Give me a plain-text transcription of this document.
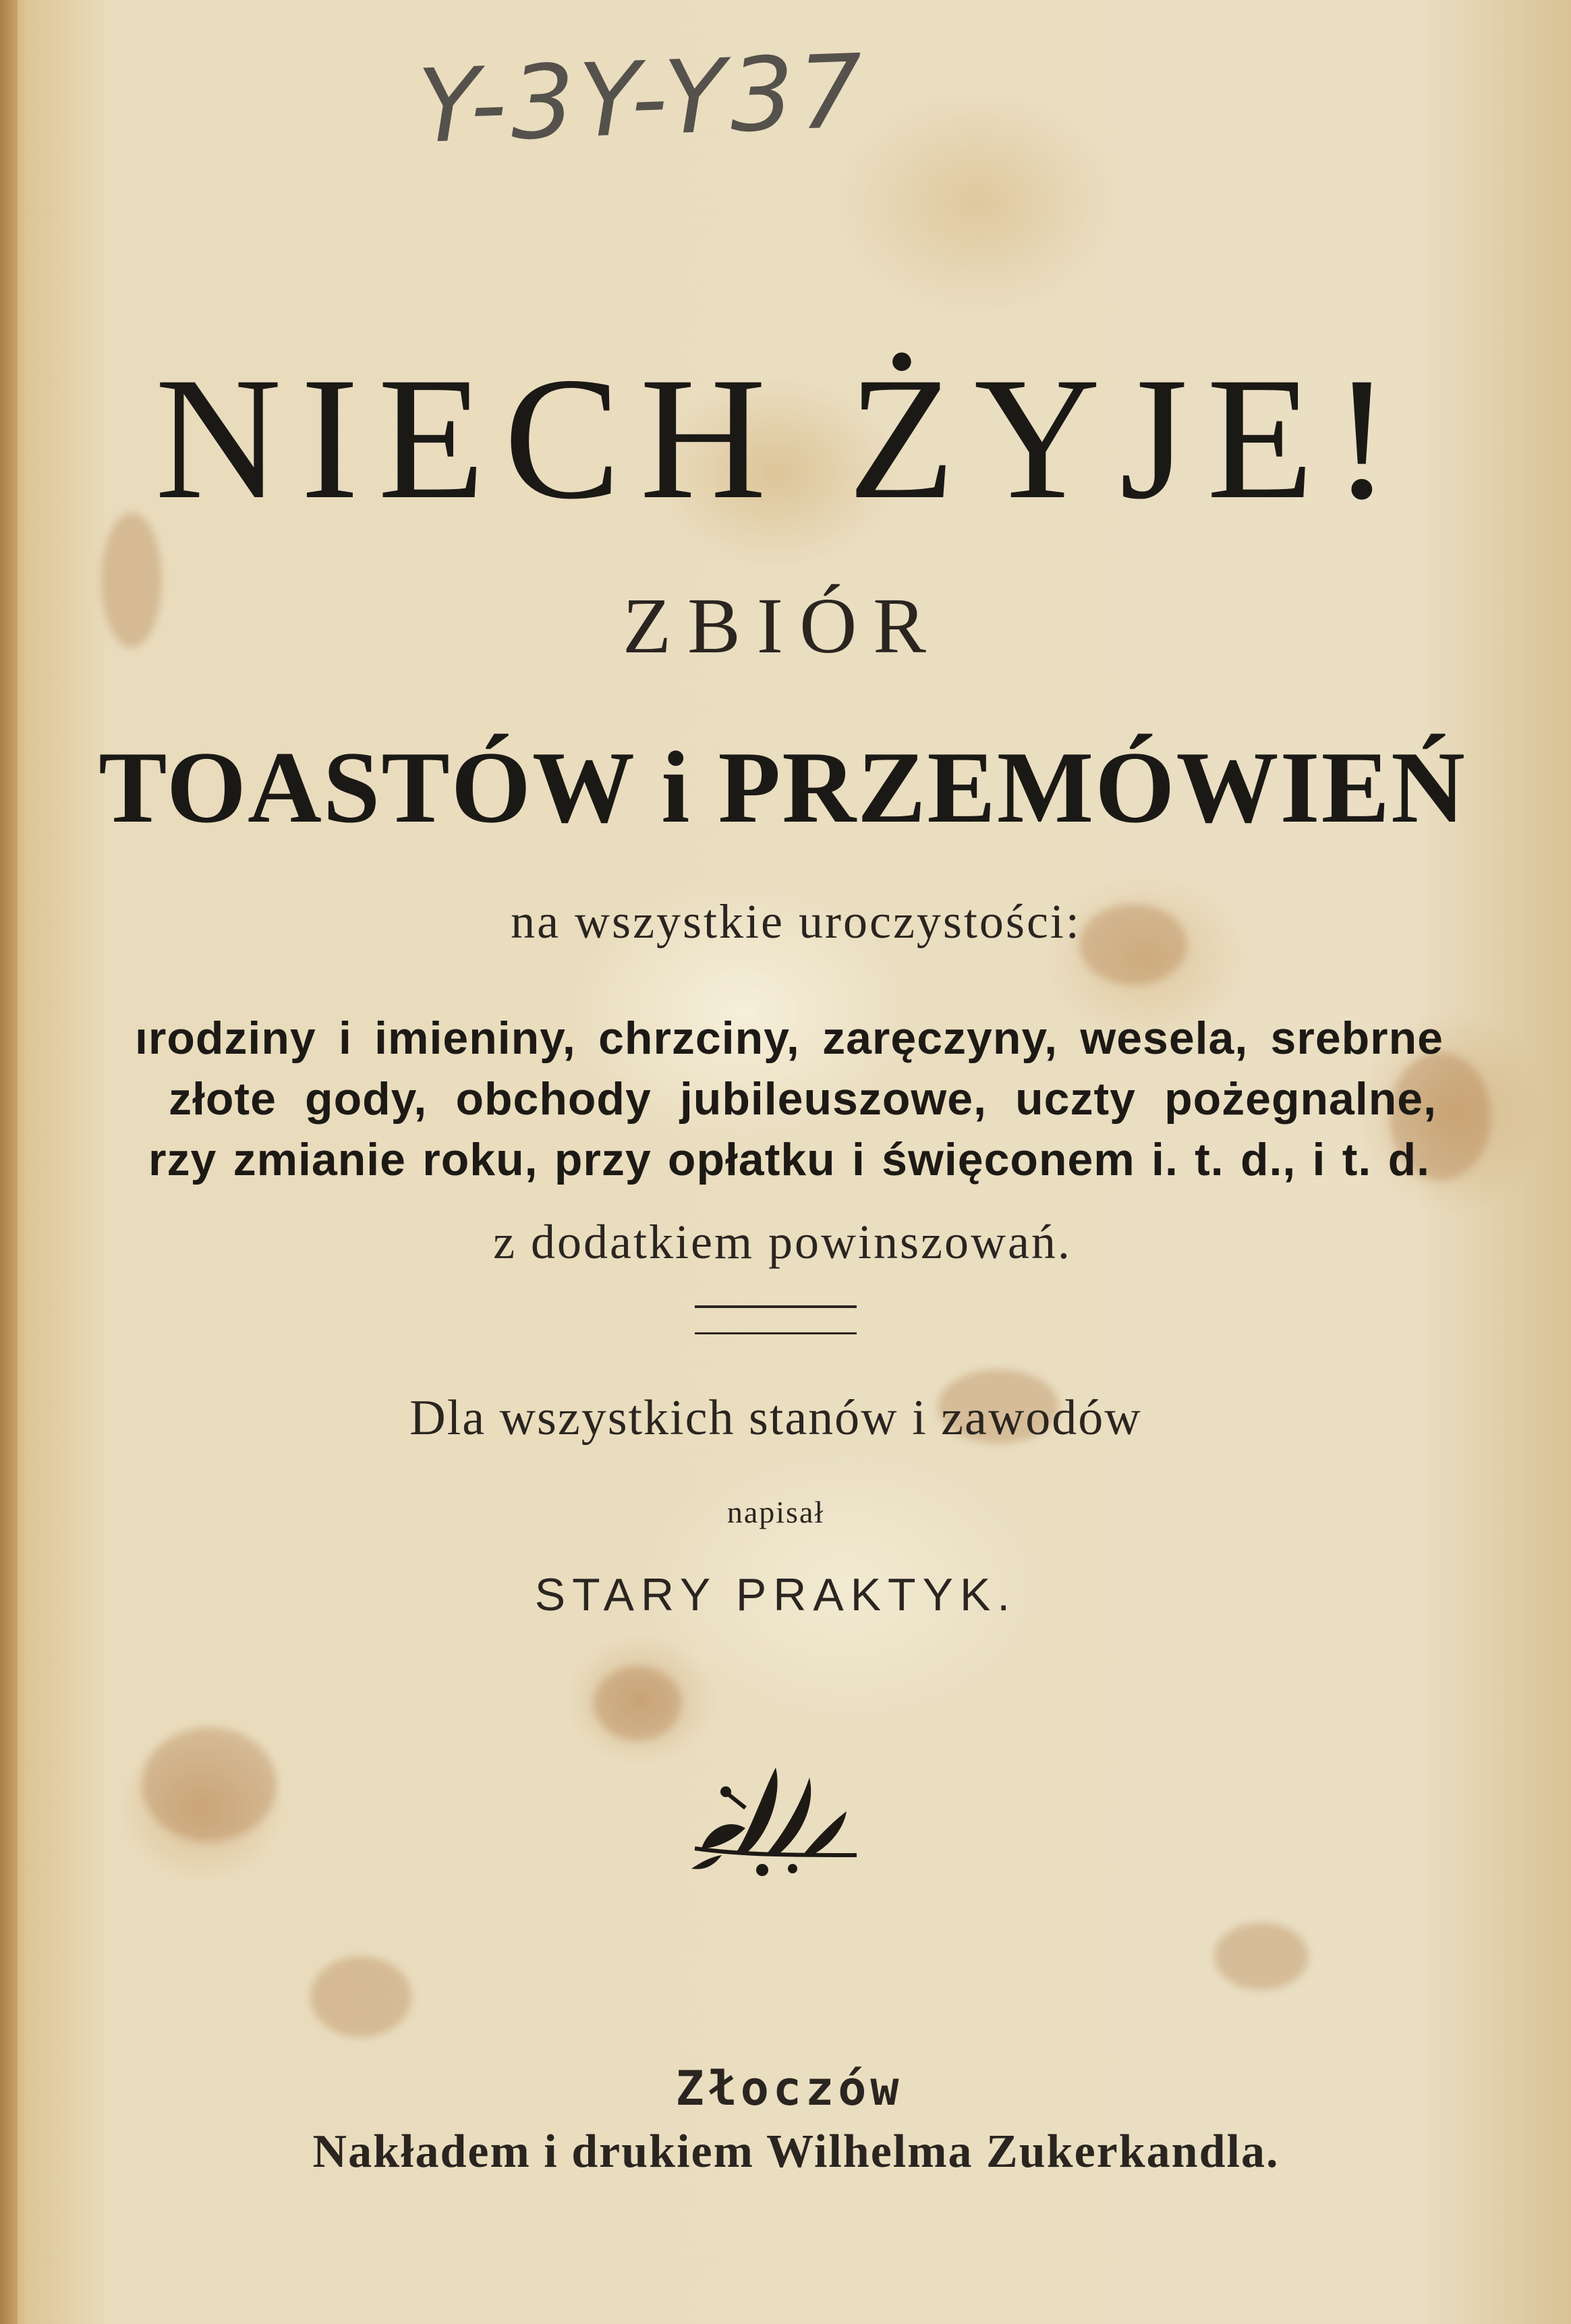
Y-3Y-Y37
NIECH ŻYJE!
ZBIÓR
TOASTÓW i PRZEMÓWIEŃ
na wszystkie uroczystości:
ırodziny i imieniny, chrzciny, zaręczyny, wesela, srebrne
złote gody, obchody jubileuszowe, uczty pożegnalne,
rzy zmianie roku, przy opłatku i święconem i. t. d., i t. d.
z dodatkiem powinszowań.
Dla wszystkich stanów i zawodów
napisał
STARY PRAKTYK.
Złoczów
Nakładem i drukiem Wilhelma Zukerkandla.
